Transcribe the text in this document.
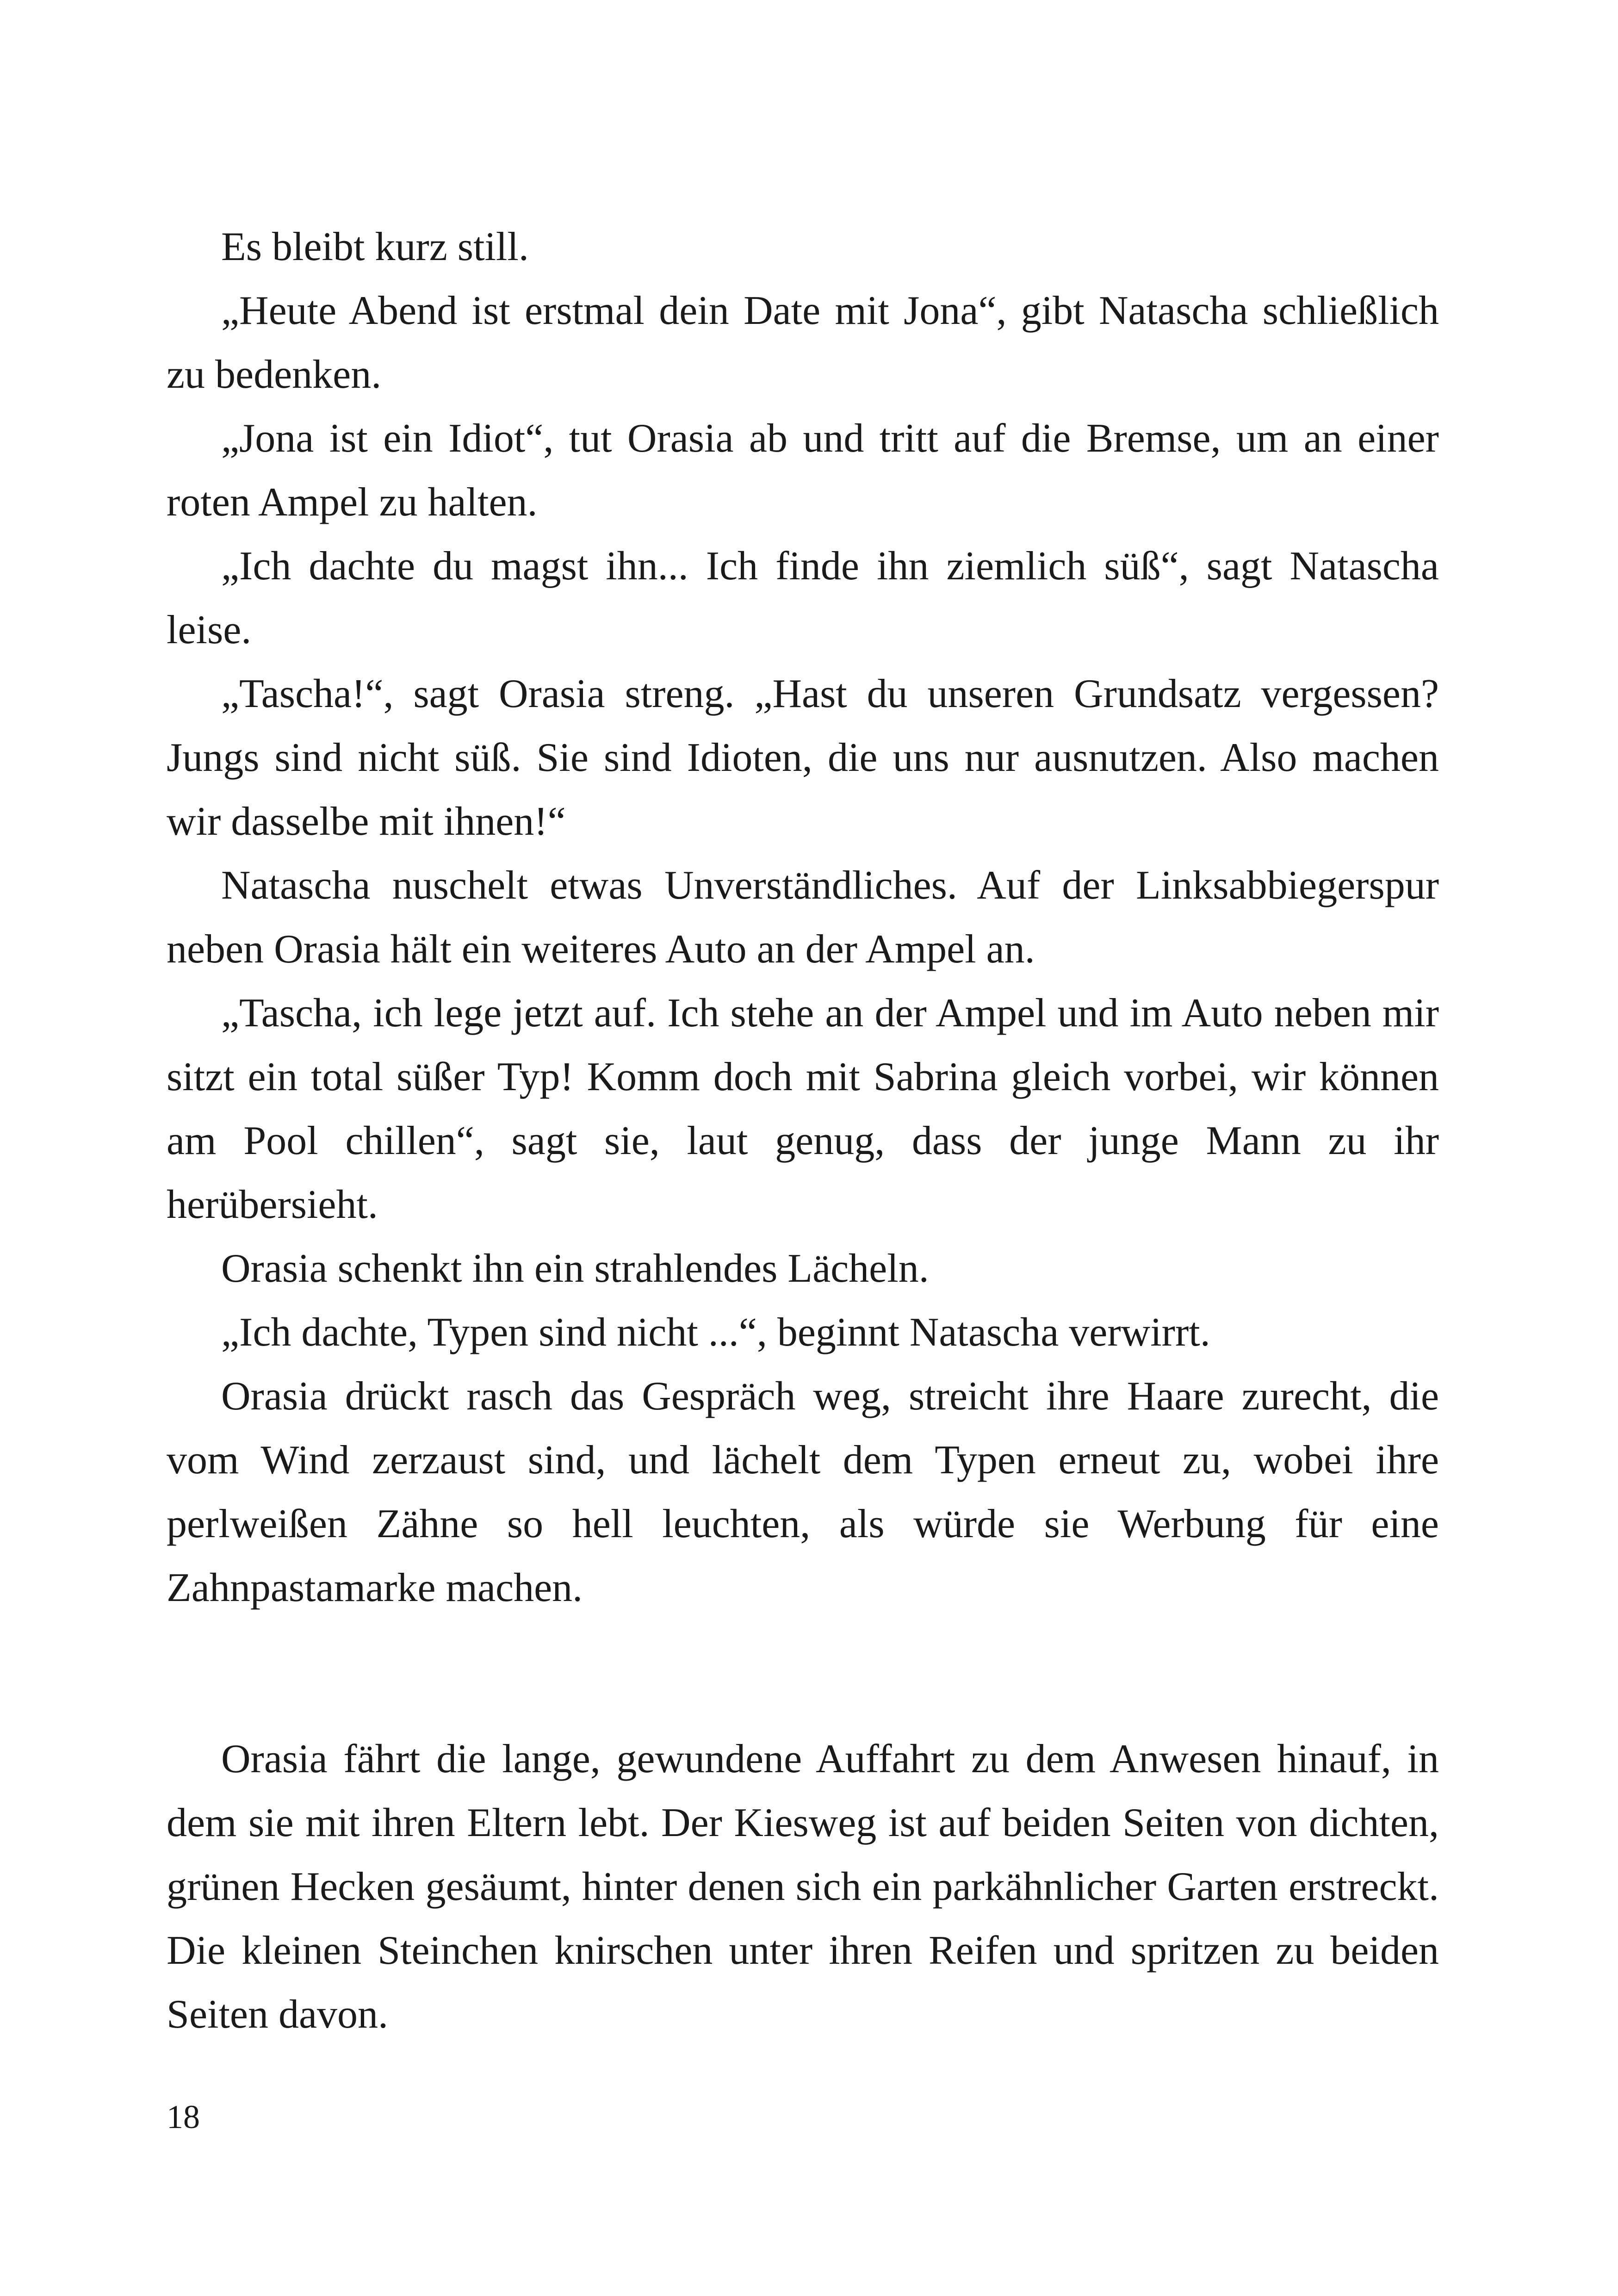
Es bleibt kurz still.

„Heute Abend ist erstmal dein Date mit Jona“, gibt Natascha schließlich zu bedenken.

„Jona ist ein Idiot“, tut Orasia ab und tritt auf die Bremse, um an einer roten Ampel zu halten.

„Ich dachte du magst ihn... Ich finde ihn ziemlich süß“, sagt Natascha leise.

„Tascha!“, sagt Orasia streng. „Hast du unseren Grundsatz vergessen? Jungs sind nicht süß. Sie sind Idioten, die uns nur ausnutzen. Also machen wir dasselbe mit ihnen!“

Natascha nuschelt etwas Unverständliches. Auf der Linksabbiegerspur neben Orasia hält ein weiteres Auto an der Ampel an.

„Tascha, ich lege jetzt auf. Ich stehe an der Ampel und im Auto neben mir sitzt ein total süßer Typ! Komm doch mit Sabrina gleich vorbei, wir können am Pool chillen“, sagt sie, laut genug, dass der junge Mann zu ihr herübersieht.

Orasia schenkt ihn ein strahlendes Lächeln.

„Ich dachte, Typen sind nicht ...“, beginnt Natascha verwirrt.

Orasia drückt rasch das Gespräch weg, streicht ihre Haare zurecht, die vom Wind zerzaust sind, und lächelt dem Typen erneut zu, wobei ihre perlweißen Zähne so hell leuchten, als würde sie Werbung für eine Zahnpastamarke machen.

Orasia fährt die lange, gewundene Auffahrt zu dem Anwesen hinauf, in dem sie mit ihren Eltern lebt. Der Kiesweg ist auf beiden Seiten von dichten, grünen Hecken gesäumt, hinter denen sich ein parkähnlicher Garten erstreckt. Die kleinen Steinchen knirschen unter ihren Reifen und spritzen zu beiden Seiten davon.

18
